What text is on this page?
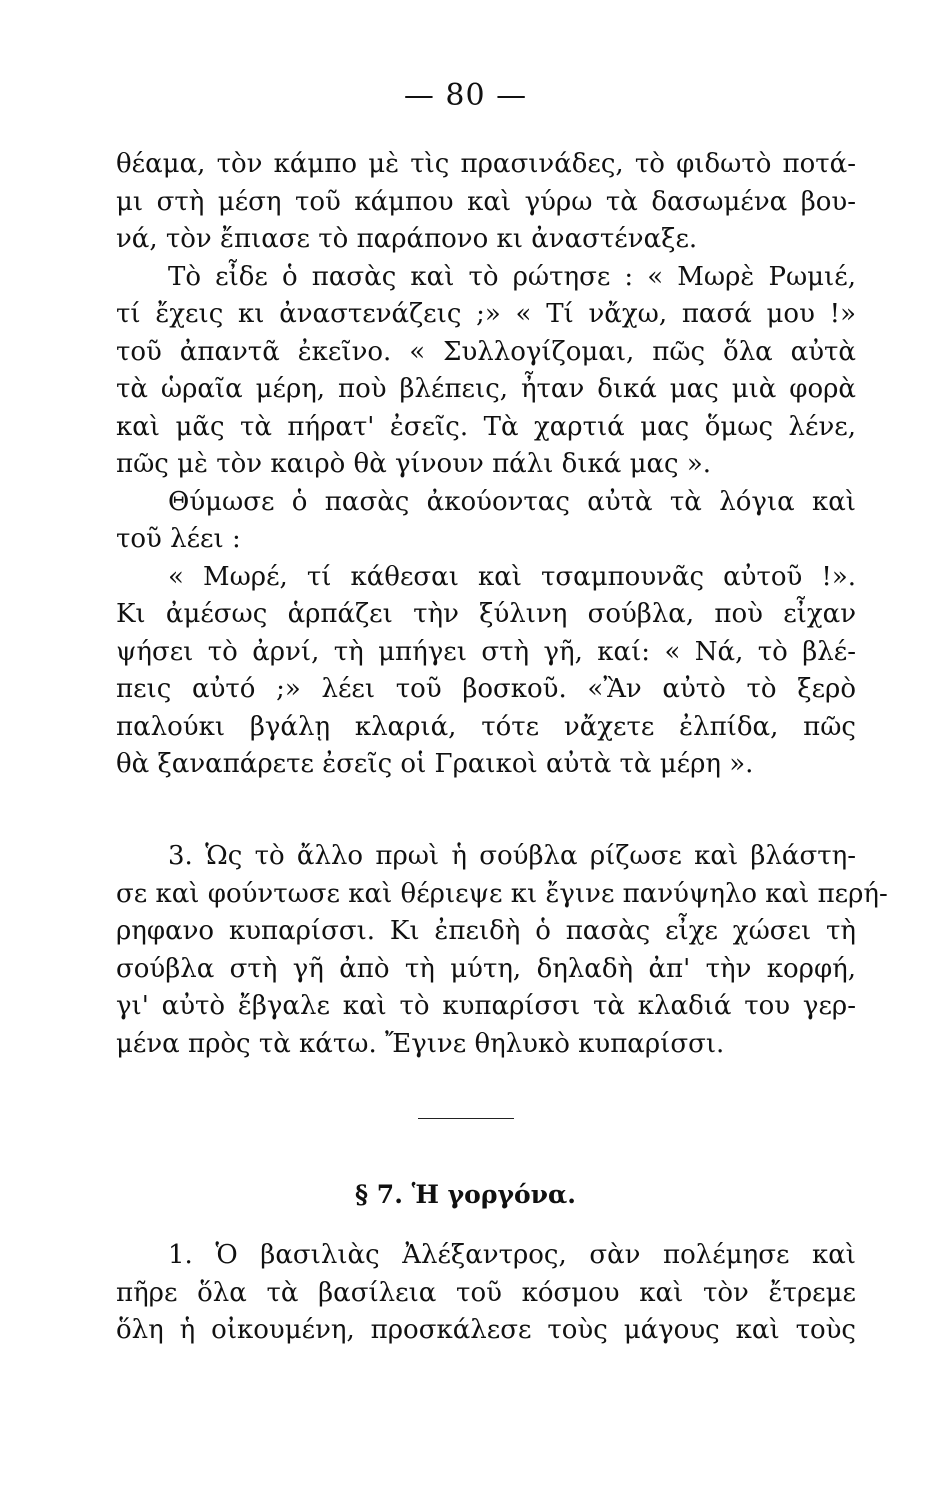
— 80 —
θέαμα, τὸν κάμπο μὲ τὶς πρασινάδες, τὸ φιδωτὸ ποτά-
μι στὴ μέση τοῦ κάμπου καὶ γύρω τὰ δασωμένα βου-
νά, τὸν ἔπιασε τὸ παράπονο κι ἀναστέναξε.
Τὸ εἶδε ὁ πασὰς καὶ τὸ ρώτησε : « Μωρὲ Ρωμιέ,
τί ἔχεις κι ἀναστενάζεις ;» « Τί νἄχω, πασά μου !»
τοῦ ἀπαντᾶ ἐκεῖνο. « Συλλογίζομαι, πῶς ὅλα αὐτὰ
τὰ ὡραῖα μέρη, ποὺ βλέπεις, ἦταν δικά μας μιὰ φορὰ
καὶ μᾶς τὰ πήρατ' ἐσεῖς. Τὰ χαρτιά μας ὅμως λένε,
πῶς μὲ τὸν καιρὸ θὰ γίνουν πάλι δικά μας ».
Θύμωσε ὁ πασὰς ἀκούοντας αὐτὰ τὰ λόγια καὶ
τοῦ λέει :
« Μωρέ, τί κάθεσαι καὶ τσαμπουνᾶς αὐτοῦ !».
Κι ἀμέσως ἁρπάζει τὴν ξύλινη σούβλα, ποὺ εἶχαν
ψήσει τὸ ἀρνί, τὴ μπήγει στὴ γῆ, καί: « Νά, τὸ βλέ-
πεις αὐτό ;» λέει τοῦ βοσκοῦ. «Ἂν αὐτὸ τὸ ξερὸ
παλούκι βγάλῃ κλαριά, τότε νἄχετε ἐλπίδα, πῶς
θὰ ξαναπάρετε ἐσεῖς οἱ Γραικοὶ αὐτὰ τὰ μέρη ».
3. Ὡς τὸ ἄλλο πρωὶ ἡ σούβλα ρίζωσε καὶ βλάστη-
σε καὶ φούντωσε καὶ θέριεψε κι ἔγινε πανύψηλο καὶ περή-
ρηφανο κυπαρίσσι. Κι ἐπειδὴ ὁ πασὰς εἶχε χώσει τὴ
σούβλα στὴ γῆ ἀπὸ τὴ μύτη, δηλαδὴ ἀπ' τὴν κορφή,
γι' αὐτὸ ἔβγαλε καὶ τὸ κυπαρίσσι τὰ κλαδιά του γερ-
μένα πρὸς τὰ κάτω. Ἔγινε θηλυκὸ κυπαρίσσι.
§ 7. Ἡ γοργόνα.
1. Ὁ βασιλιὰς Ἀλέξαντρος, σὰν πολέμησε καὶ
πῆρε ὅλα τὰ βασίλεια τοῦ κόσμου καὶ τὸν ἔτρεμε
ὅλη ἡ οἰκουμένη, προσκάλεσε τοὺς μάγους καὶ τοὺς
